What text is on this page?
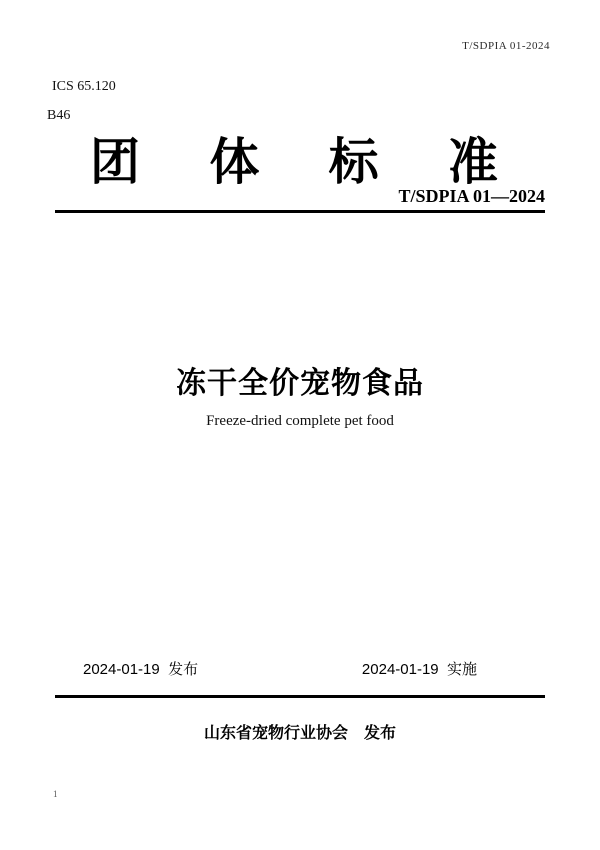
T/SDPIA 01-2024
ICS 65.120
B46
团 体 标 准
T/SDPIA 01—2024
冻干全价宠物食品
Freeze-dried complete pet food
2024-01-19  发布	2024-01-19  实施
山东省宠物行业协会　发布
1
